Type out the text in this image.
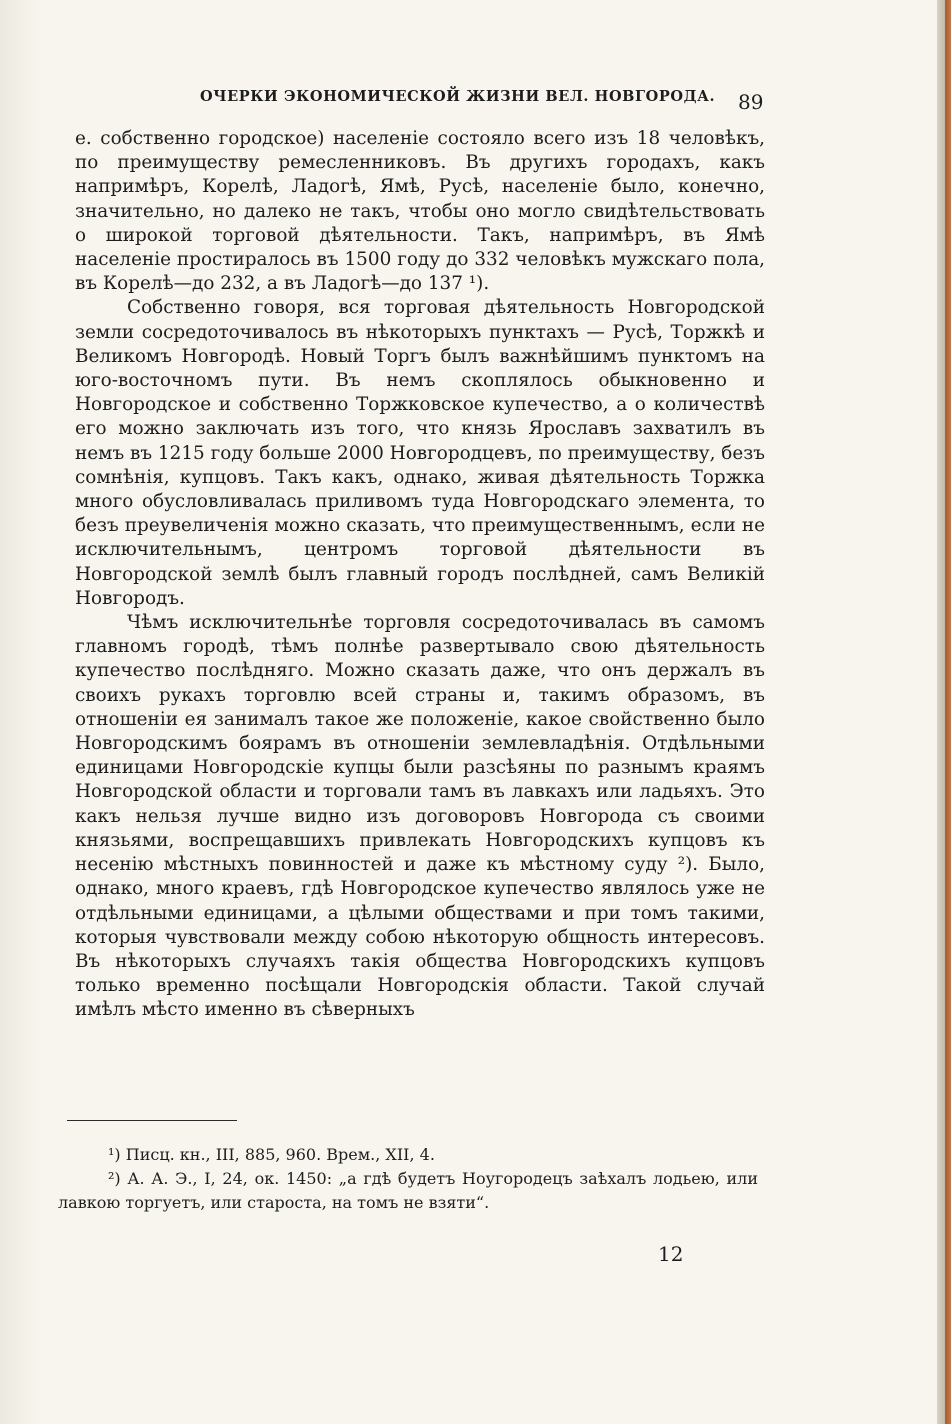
ОЧЕРКИ ЭКОНОМИЧЕСКОЙ ЖИЗНИ ВЕЛ. НОВГОРОДА. 89

е. собственно городское) населеніе состояло всего изъ 18 человѣкъ, по преимуществу ремесленниковъ. Въ другихъ городахъ, какъ напримѣръ, Корелѣ, Ладогѣ, Ямѣ, Русѣ, населеніе было, конечно, значительно, но далеко не такъ, чтобы оно могло свидѣтельствовать о широкой торговой дѣятельности. Такъ, напримѣръ, въ Ямѣ населеніе простиралось въ 1500 году до 332 человѣкъ мужскаго пола, въ Корелѣ—до 232, а въ Ладогѣ—до 137 ¹).

Собственно говоря, вся торговая дѣятельность Новгородской земли сосредоточивалось въ нѣкоторыхъ пунктахъ — Русѣ, Торжкѣ и Великомъ Новгородѣ. Новый Торгъ былъ важнѣйшимъ пунктомъ на юго-восточномъ пути. Въ немъ скоплялось обыкновенно и Новгородское и собственно Торжковское купечество, а о количествѣ его можно заключать изъ того, что князь Ярославъ захватилъ въ немъ въ 1215 году больше 2000 Новгородцевъ, по преимуществу, безъ сомнѣнія, купцовъ. Такъ какъ, однако, живая дѣятельность Торжка много обусловливалась приливомъ туда Новгородскаго элемента, то безъ преувеличенія можно сказать, что преимущественнымъ, если не исключительнымъ, центромъ торговой дѣятельности въ Новгородской землѣ былъ главный городъ послѣдней, самъ Великій Новгородъ.

Чѣмъ исключительнѣе торговля сосредоточивалась въ самомъ главномъ городѣ, тѣмъ полнѣе развертывало свою дѣятельность купечество послѣдняго. Можно сказать даже, что онъ держалъ въ своихъ рукахъ торговлю всей страны и, такимъ образомъ, въ отношеніи ея занималъ такое же положеніе, какое свойственно было Новгородскимъ боярамъ въ отношеніи землевладѣнія. Отдѣльными единицами Новгородскіе купцы были разсѣяны по разнымъ краямъ Новгородской области и торговали тамъ въ лавкахъ или ладьяхъ. Это какъ нельзя лучше видно изъ договоровъ Новгорода съ своими князьями, воспрещавшихъ привлекать Новгородскихъ купцовъ къ несенію мѣстныхъ повинностей и даже къ мѣстному суду ²). Было, однако, много краевъ, гдѣ Новгородское купечество являлось уже не отдѣльными единицами, а цѣлыми обществами и при томъ такими, которыя чувствовали между собою нѣкоторую общность интересовъ. Въ нѣкоторыхъ случаяхъ такія общества Новгородскихъ купцовъ только временно посѣщали Новгородскія области. Такой случай имѣлъ мѣсто именно въ сѣверныхъ

¹) Писц. кн., III, 885, 960. Врем., XII, 4.

²) А. А. Э., I, 24, ок. 1450: „а гдѣ будетъ Ноугородецъ заѣхалъ лодьею, или лавкою торгуетъ, или староста, на томъ не взяти“.

12
